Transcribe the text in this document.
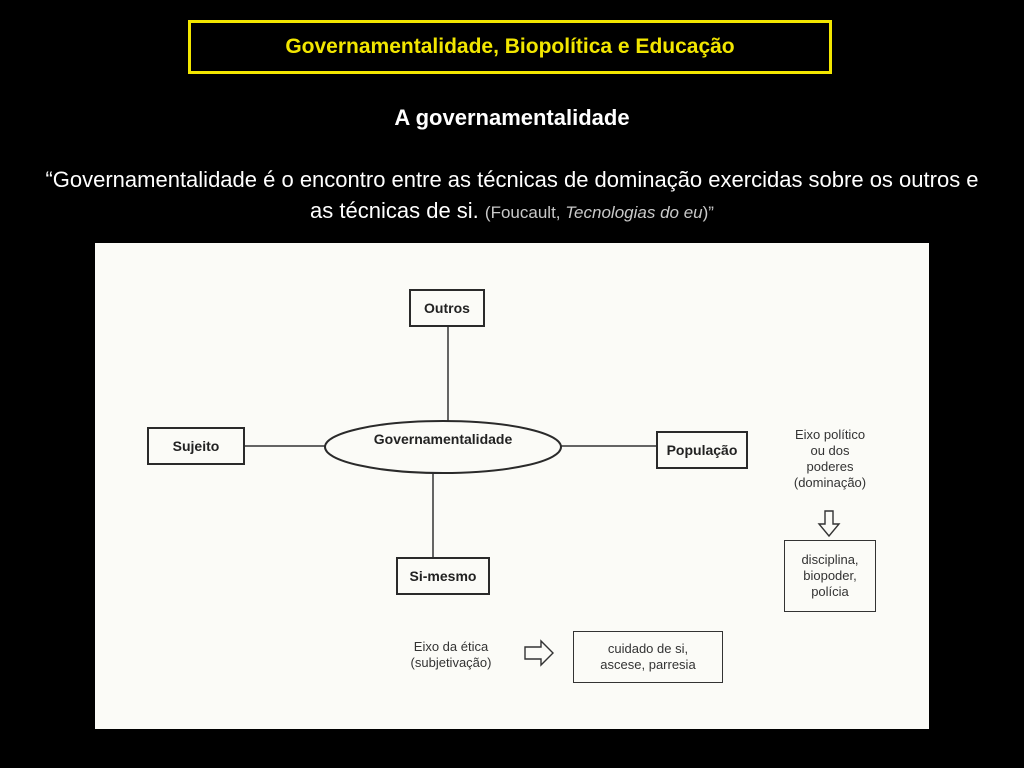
Governamentalidade, Biopolítica e Educação
A governamentalidade
“Governamentalidade é o encontro entre as técnicas de dominação exercidas sobre os outros e as técnicas de si. (Foucault, Tecnologias do eu)”
Governamentalidade
Outros
Sujeito	População
Si-mesmo
Eixo político
ou dos
poderes
(dominação)
disciplina,
biopoder,
polícia
Eixo da ética
(subjetivação)
cuidado de si,
ascese, parresia
